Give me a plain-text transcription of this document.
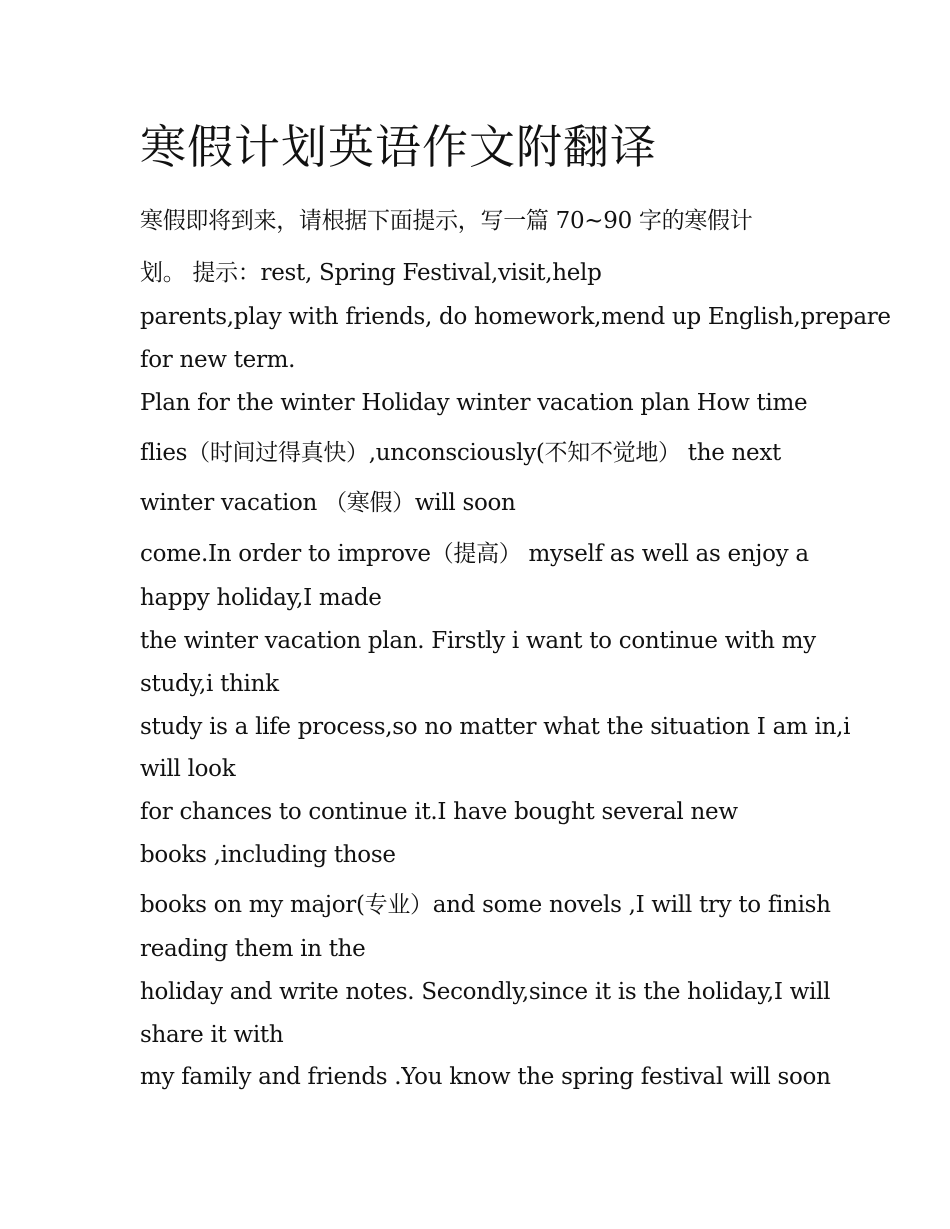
寒假计划英语作文附翻译

寒假即将到来，请根据下面提示，写一篇 70~90 字的寒假计

划。 提示：rest, Spring Festival,visit,help

parents,play with friends, do homework,mend up English,prepare

for new term.

Plan for the winter Holiday winter vacation plan How time

flies（时间过得真快）,unconsciously(不知不觉地） the next

winter vacation （寒假）will soon

come.In order to improve（提高） myself as well as enjoy a

happy holiday,I made

the winter vacation plan. Firstly i want to continue with my

study,i think

study is a life process,so no matter what the situation I am in,i

will look

for chances to continue it.I have bought several new

books ,including those

books on my major(专业）and some novels ,I will try to finish

reading them in the

holiday and write notes. Secondly,since it is the holiday,I will

share it with

my family and friends .You know the spring festival will soon
